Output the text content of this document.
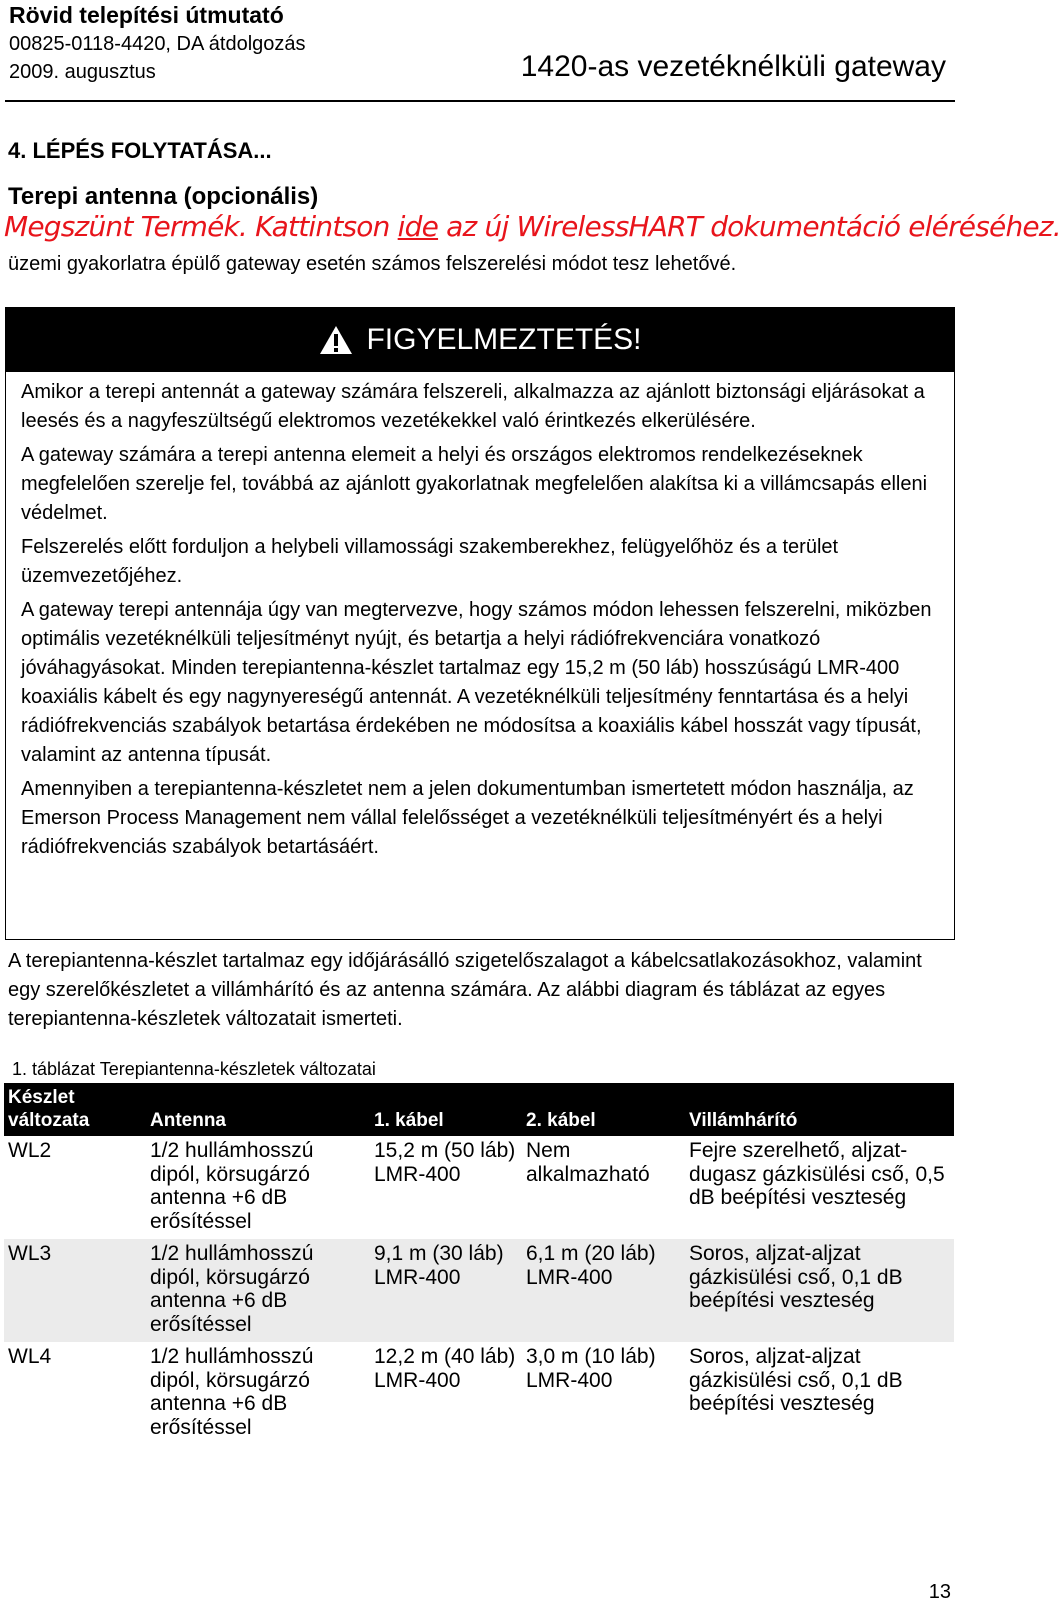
Rövid telepítési útmutató
00825-0118-4420, DA átdolgozás
2009. augusztus	1420-as vezetéknélküli gateway
4. LÉPÉS FOLYTATÁSA...
Terepi antenna (opcionális)
Megszünt Termék. Kattintson ide az új WirelessHART dokumentáció eléréséhez.
üzemi gyakorlatra épülő gateway esetén számos felszerelési módot tesz lehetővé.
FIGYELMEZTETÉS!

Amikor a terepi antennát a gateway számára felszereli, alkalmazza az ajánlott biztonsági eljárásokat a leesés és a nagyfeszültségű elektromos vezetékekkel való érintkezés elkerülésére.

A gateway számára a terepi antenna elemeit a helyi és országos elektromos rendelkezéseknek megfelelően szerelje fel, továbbá az ajánlott gyakorlatnak megfelelően alakítsa ki a villámcsapás elleni védelmet.

Felszerelés előtt forduljon a helybeli villamossági szakemberekhez, felügyelőhöz és a terület üzemvezetőjéhez.

A gateway terepi antennája úgy van megtervezve, hogy számos módon lehessen felszerelni, miközben optimális vezetéknélküli teljesítményt nyújt, és betartja a helyi rádiófrekvenciára vonatkozó jóváhagyásokat. Minden terepiantenna-készlet tartalmaz egy 15,2 m (50 láb) hosszúságú LMR-400 koaxiális kábelt és egy nagynyereségű antennát. A vezetéknélküli teljesítmény fenntartása és a helyi rádiófrekvenciás szabályok betartása érdekében ne módosítsa a koaxiális kábel hosszát vagy típusát, valamint az antenna típusát.

Amennyiben a terepiantenna-készletet nem a jelen dokumentumban ismertetett módon használja, az Emerson Process Management nem vállal felelősséget a vezetéknélküli teljesítményért és a helyi rádiófrekvenciás szabályok betartásáért.

A terepiantenna-készlet tartalmaz egy időjárásálló szigetelőszalagot a kábelcsatlakozásokhoz, valamint egy szerelőkészletet a villámhárító és az antenna számára. Az alábbi diagram és táblázat az egyes terepiantenna-készletek változatait ismerteti.

1. táblázat Terepiantenna-készletek változatai
Készlet változata	Antenna	1. kábel	2. kábel	Villámhárító
WL2	1/2 hullámhosszú dipól, körsugárzó antenna +6 dB erősítéssel	15,2 m (50 láb) LMR-400	Nem alkalmazható	Fejre szerelhető, aljzat-dugasz gázkisülési cső, 0,5 dB beépítési veszteség
WL3	1/2 hullámhosszú dipól, körsugárzó antenna +6 dB erősítéssel	9,1 m (30 láb) LMR-400	6,1 m (20 láb) LMR-400	Soros, aljzat-aljzat gázkisülési cső, 0,1 dB beépítési veszteség
WL4	1/2 hullámhosszú dipól, körsugárzó antenna +6 dB erősítéssel	12,2 m (40 láb) LMR-400	3,0 m (10 láb) LMR-400	Soros, aljzat-aljzat gázkisülési cső, 0,1 dB beépítési veszteség
13
